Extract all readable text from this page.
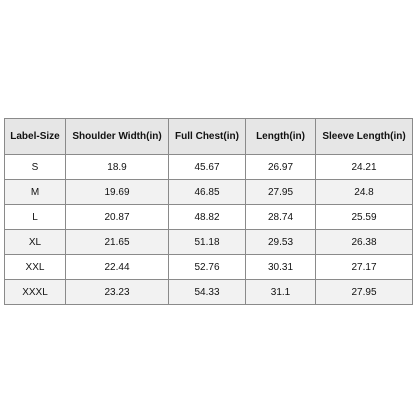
Label-Size	Shoulder Width(in)	Full Chest(in)	Length(in)	Sleeve Length(in)
S	18.9	45.67	26.97	24.21
M	19.69	46.85	27.95	24.8
L	20.87	48.82	28.74	25.59
XL	21.65	51.18	29.53	26.38
XXL	22.44	52.76	30.31	27.17
XXXL	23.23	54.33	31.1	27.95
